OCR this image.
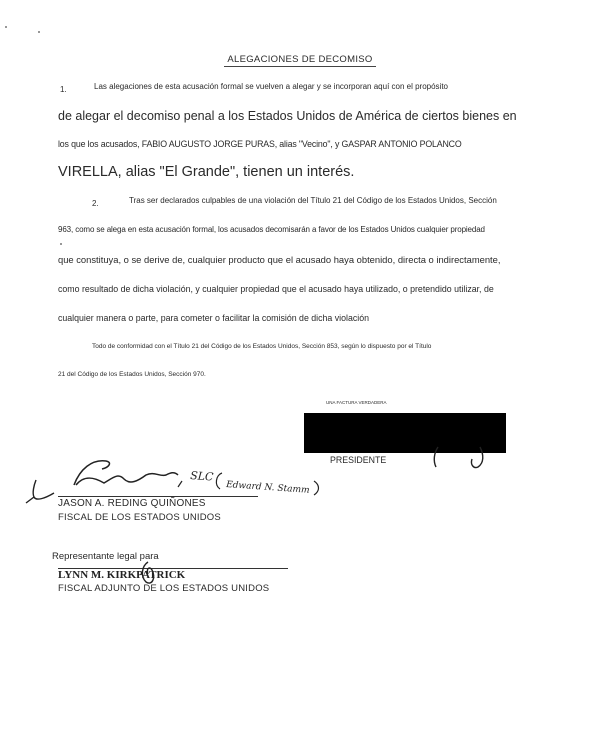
ALEGACIONES DE DECOMISO
1.	Las alegaciones de esta acusación formal se vuelven a alegar y se incorporan aquí con el propósito
de alegar el decomiso penal a los Estados Unidos de América de ciertos bienes en
los que los acusados, FABIO AUGUSTO JORGE PURAS, alias "Vecino", y GASPAR ANTONIO POLANCO
VIRELLA, alias "El Grande", tienen un interés.
2.	Tras ser declarados culpables de una violación del Título 21 del Código de los Estados Unidos, Sección
963, como se alega en esta acusación formal, los acusados decomisarán a favor de los Estados Unidos cualquier propiedad
que constituya, o se derive de, cualquier producto que el acusado haya obtenido, directa o indirectamente,
como resultado de dicha violación, y cualquier propiedad que el acusado haya utilizado, o pretendido utilizar, de
cualquier manera o parte, para cometer o facilitar la comisión de dicha violación
Todo de conformidad con el Título 21 del Código de los Estados Unidos, Sección 853, según lo dispuesto por el Título
21 del Código de los Estados Unidos, Sección 970.
UNA FACTURA VERDADERA
PRESIDENTE
SLC
Edward N. Stamm
JASON A. REDING QUIÑONES
FISCAL DE LOS ESTADOS UNIDOS
Representante legal para
LYNN M. KIRKPATRICK
FISCAL ADJUNTO DE LOS ESTADOS UNIDOS
